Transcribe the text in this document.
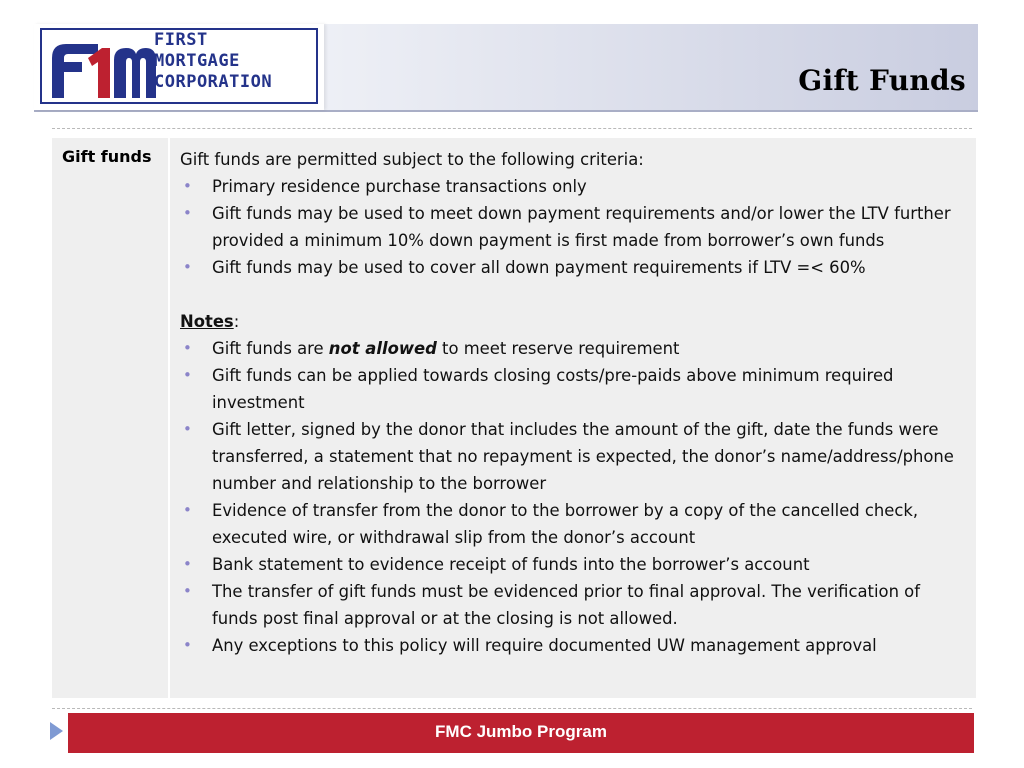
FIRST
MORTGAGE
CORPORATION	Gift Funds
Gift funds	Gift funds are permitted subject to the following criteria:

• Primary residence purchase transactions only
• Gift funds may be used to meet down payment requirements and/or lower the LTV further provided a minimum 10% down payment is first made from borrower’s own funds
• Gift funds may be used to cover all down payment requirements if LTV =< 60%

Notes:

• Gift funds are not allowed to meet reserve requirement
• Gift funds can be applied towards closing costs/pre-paids above minimum required investment
• Gift letter, signed by the donor that includes the amount of the gift, date the funds were transferred, a statement that no repayment is expected, the donor’s name/address/phone number and relationship to the borrower
• Evidence of transfer from the donor to the borrower by a copy of the cancelled check, executed wire, or withdrawal slip from the donor’s account
• Bank statement to evidence receipt of funds into the borrower’s account
• The transfer of gift funds must be evidenced prior to final approval. The verification of funds post final approval or at the closing is not allowed.
• Any exceptions to this policy will require documented UW management approval
FMC Jumbo Program
